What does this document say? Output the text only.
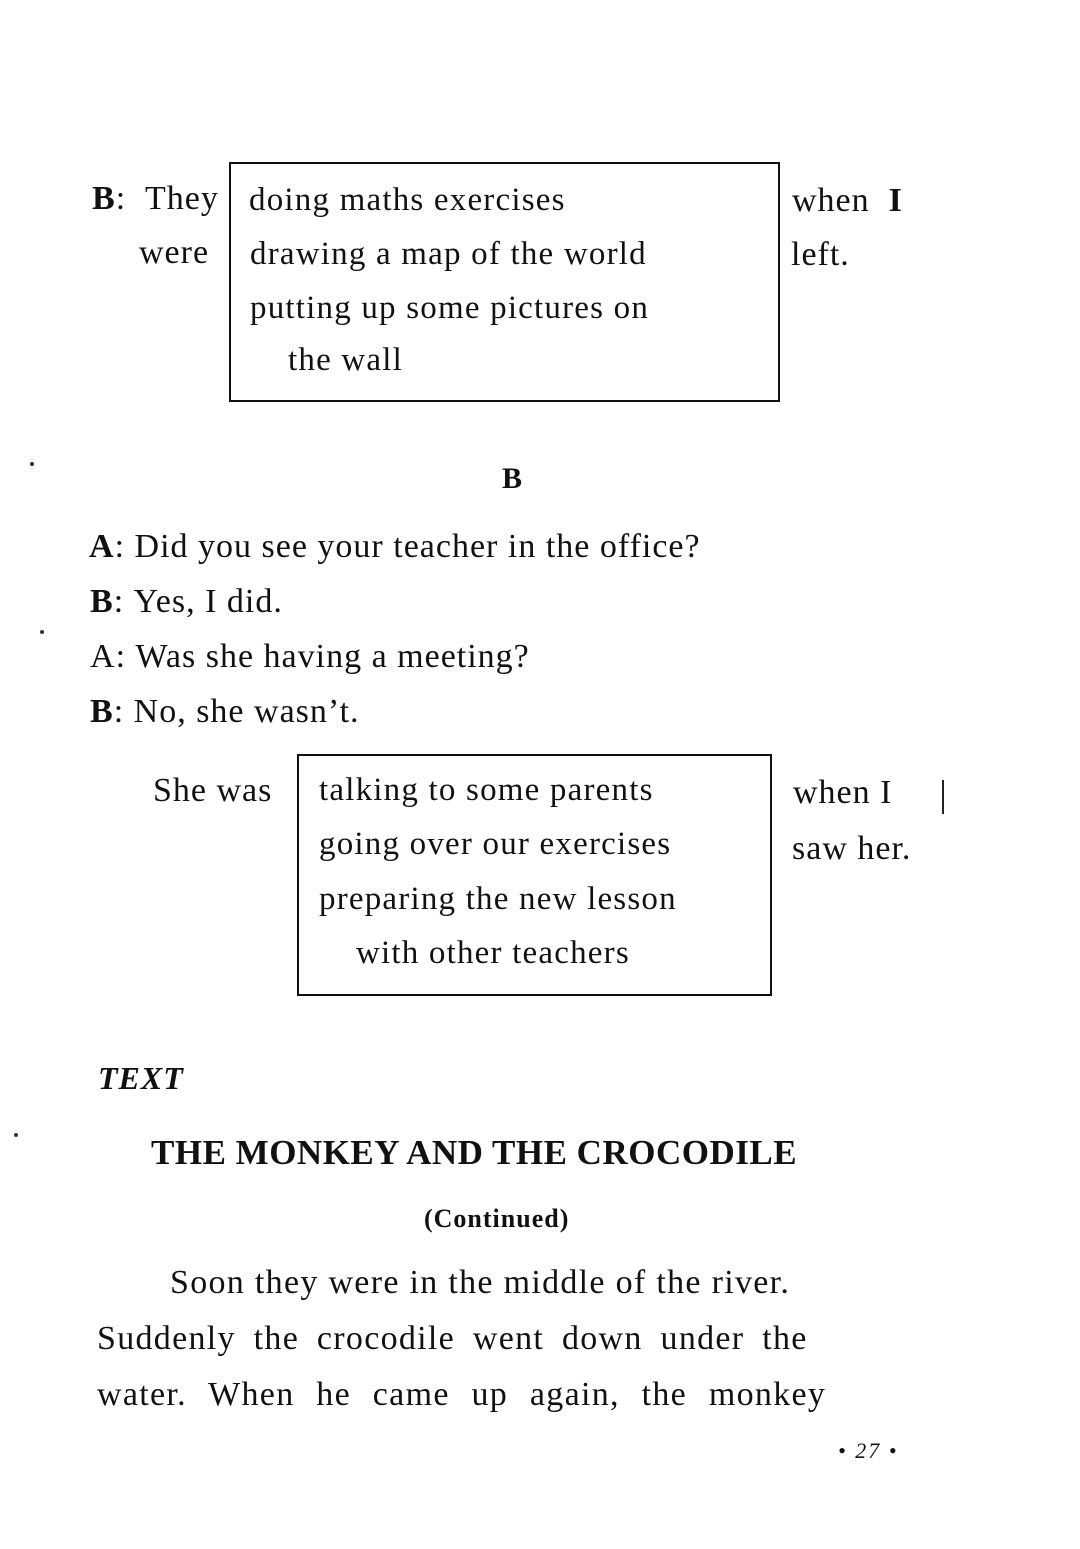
B: They
were
doing maths exercises
drawing a map of the world
putting up some pictures on
the wall
when I
left.
B
A: Did you see your teacher in the office?
B: Yes, I did.
A: Was she having a meeting?
B: No, she wasn’t.
She was talking to some parents
going over our exercises
preparing the new lesson
with other teachers
when I
saw her.
TEXT
THE MONKEY AND THE CROCODILE
(Continued)
Soon they were in the middle of the river.
Suddenly the crocodile went down under the
water. When he came up again, the monkey
• 27 •
